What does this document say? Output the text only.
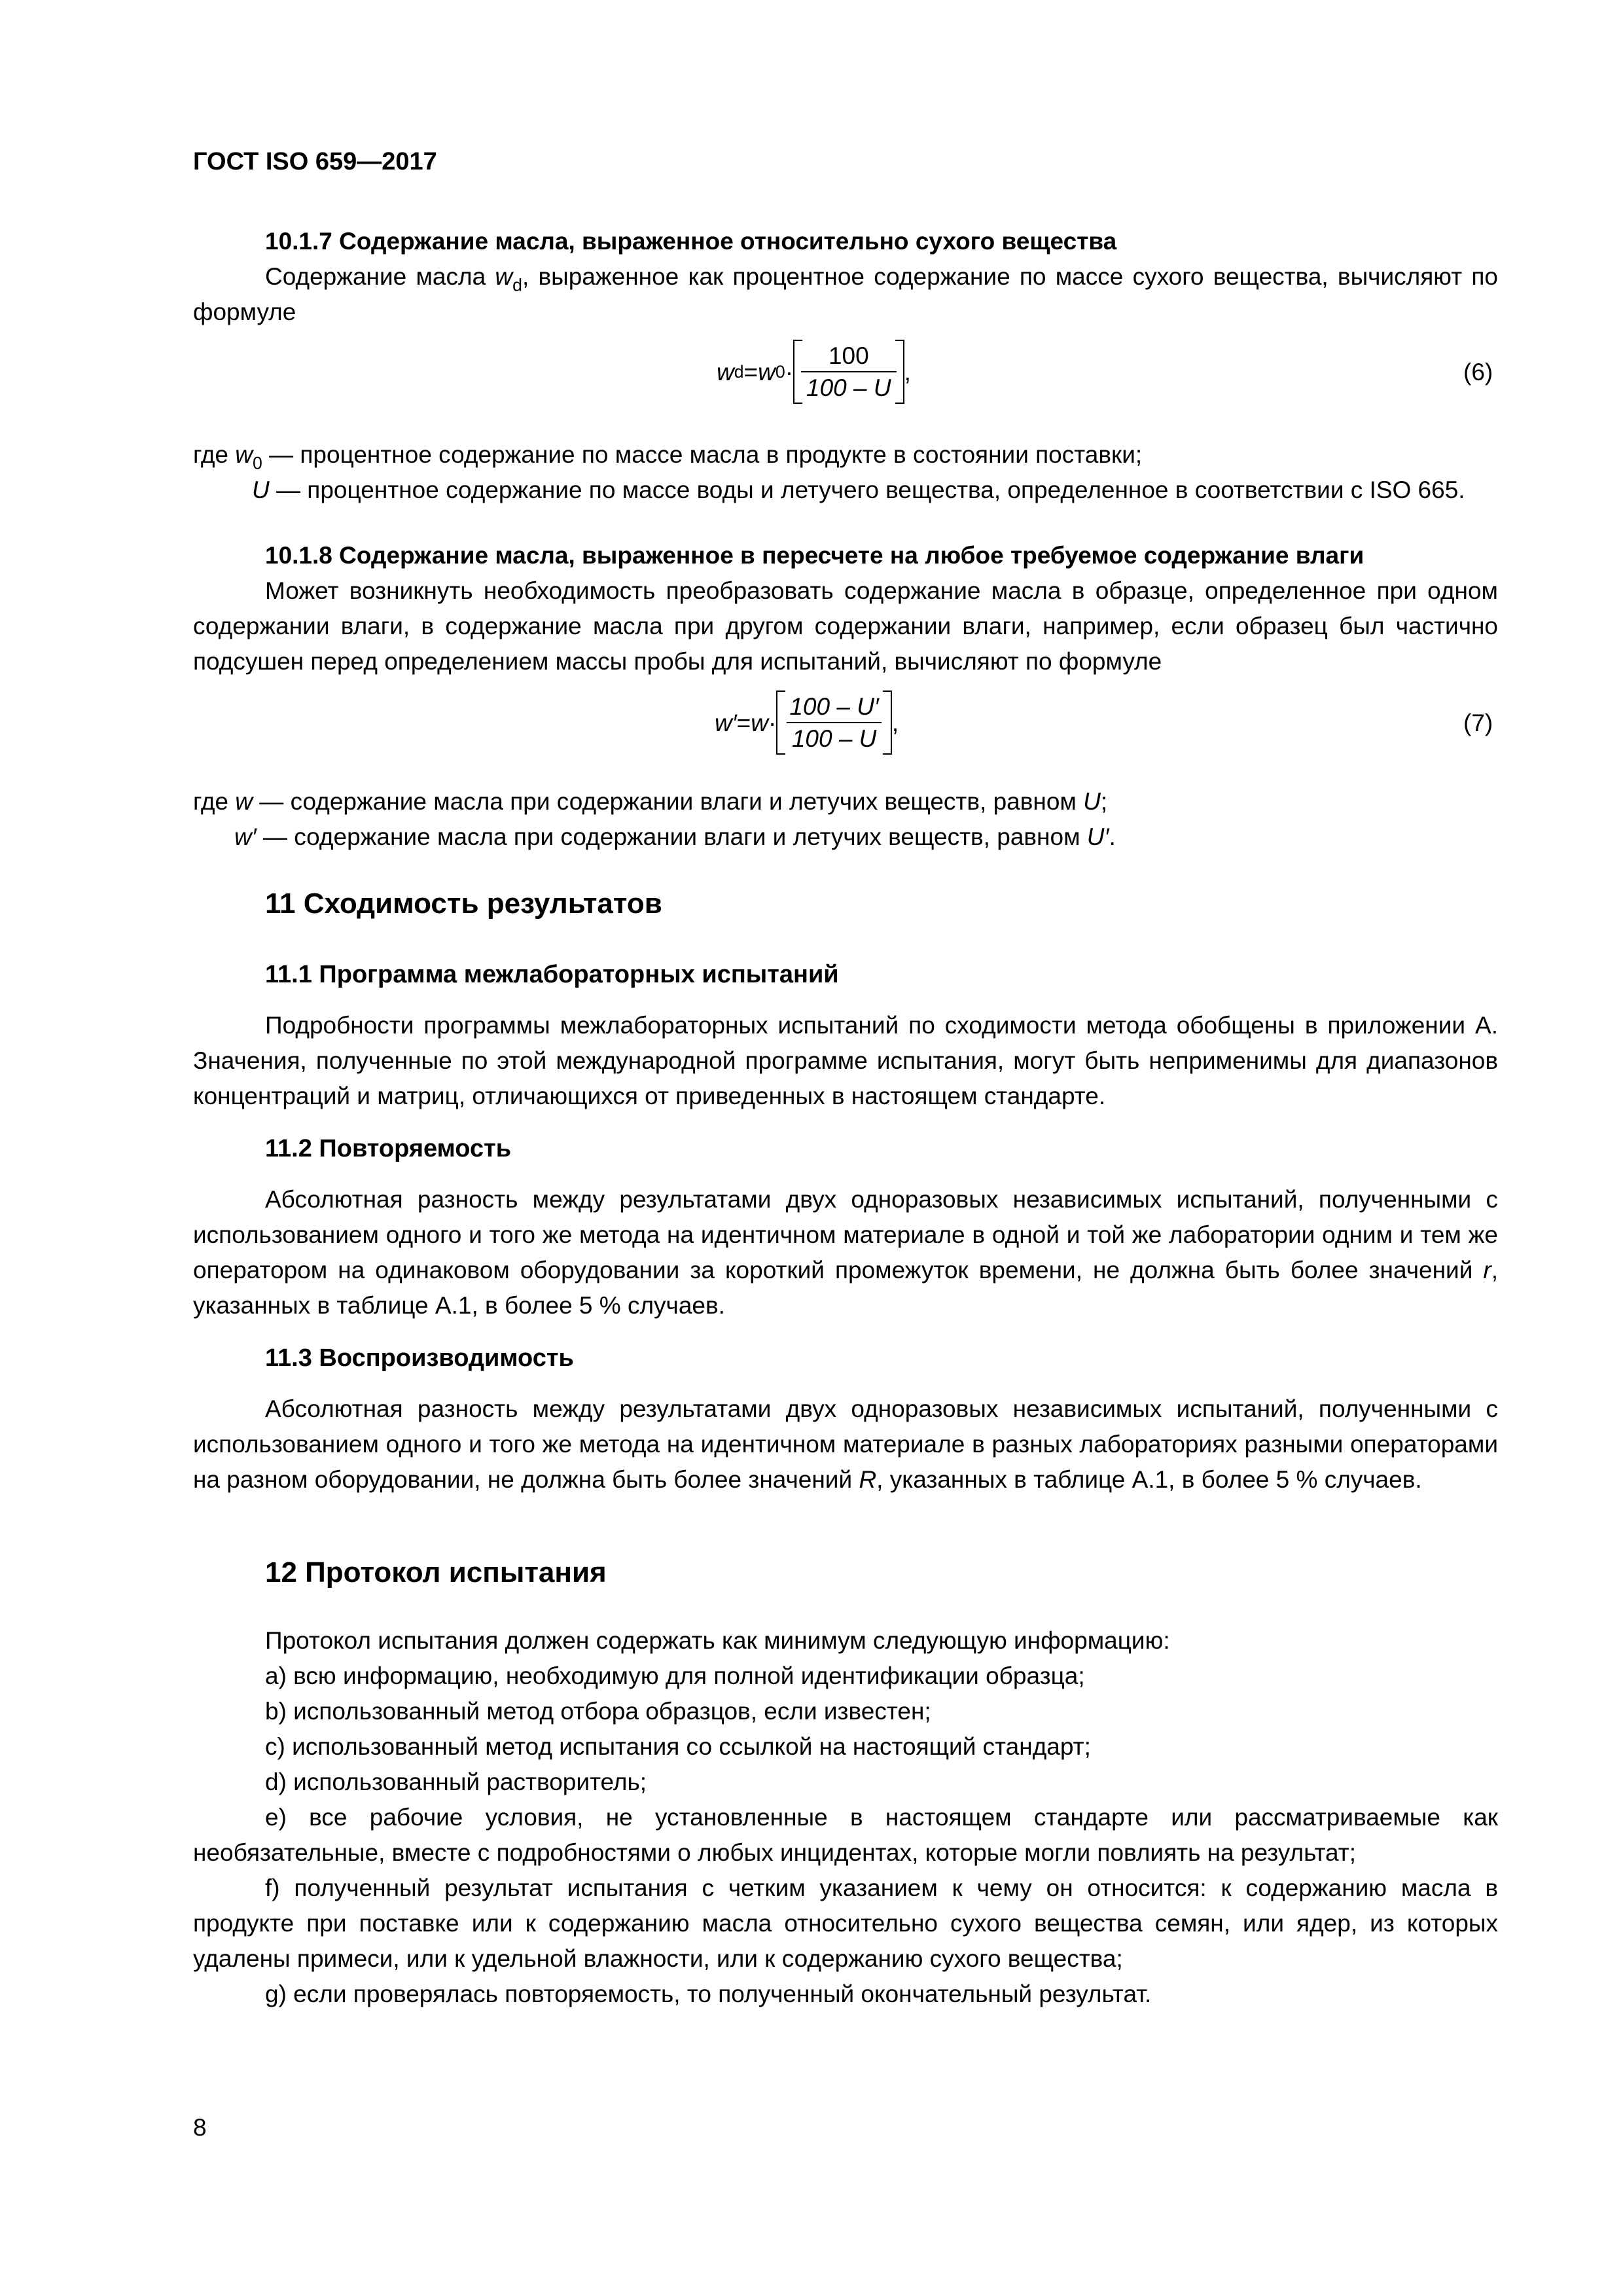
ГОСТ ISO 659—2017
10.1.7 Содержание масла, выраженное относительно сухого вещества
Содержание масла $w_d$, выраженное как процентное содержание по массе сухого вещества, вычисляют по формуле
w d = w $0 \cdot \frac{100}{100 - U}$ ,	(6)
где $w_0$ — процентное содержание по массе масла в продукте в состоянии поставки;
U — процентное содержание по массе воды и летучего вещества, определенное в соответствии с ISO 665.
10.1.8 Содержание масла, выраженное в пересчете на любое требуемое содержание влаги
Может возникнуть необходимость преобразовать содержание масла в образце, определенное при одном содержании влаги, в содержание масла при другом содержании влаги, например, если образец был частично подсушен перед определением массы пробы для испытаний, вычисляют по формуле
$w' = w \cdot \frac{100 - U'}{100 - U}$ ,	(7)
где w — содержание масла при содержании влаги и летучих веществ, равном U;
w′ — содержание масла при содержании влаги и летучих веществ, равном U′.
11 Сходимость результатов
11.1 Программа межлабораторных испытаний
Подробности программы межлабораторных испытаний по сходимости метода обобщены в приложении А. Значения, полученные по этой международной программе испытания, могут быть неприменимы для диапазонов концентраций и матриц, отличающихся от приведенных в настоящем стандарте.
11.2 Повторяемость
Абсолютная разность между результатами двух одноразовых независимых испытаний, полученными с использованием одного и того же метода на идентичном материале в одной и той же лаборатории одним и тем же оператором на одинаковом оборудовании за короткий промежуток времени, не должна быть более значений r, указанных в таблице А.1, в более 5 % случаев.
11.3 Воспроизводимость
Абсолютная разность между результатами двух одноразовых независимых испытаний, полученными с использованием одного и того же метода на идентичном материале в разных лабораториях разными операторами на разном оборудовании, не должна быть более значений R, указанных в таблице А.1, в более 5 % случаев.
12 Протокол испытания
Протокол испытания должен содержать как минимум следующую информацию:
a) всю информацию, необходимую для полной идентификации образца;
b) использованный метод отбора образцов, если известен;
c) использованный метод испытания со ссылкой на настоящий стандарт;
d) использованный растворитель;
e) все рабочие условия, не установленные в настоящем стандарте или рассматриваемые как необязательные, вместе с подробностями о любых инцидентах, которые могли повлиять на результат;
f) полученный результат испытания с четким указанием к чему он относится: к содержанию масла в продукте при поставке или к содержанию масла относительно сухого вещества семян, или ядер, из которых удалены примеси, или к удельной влажности, или к содержанию сухого вещества;
g) если проверялась повторяемость, то полученный окончательный результат.
8
